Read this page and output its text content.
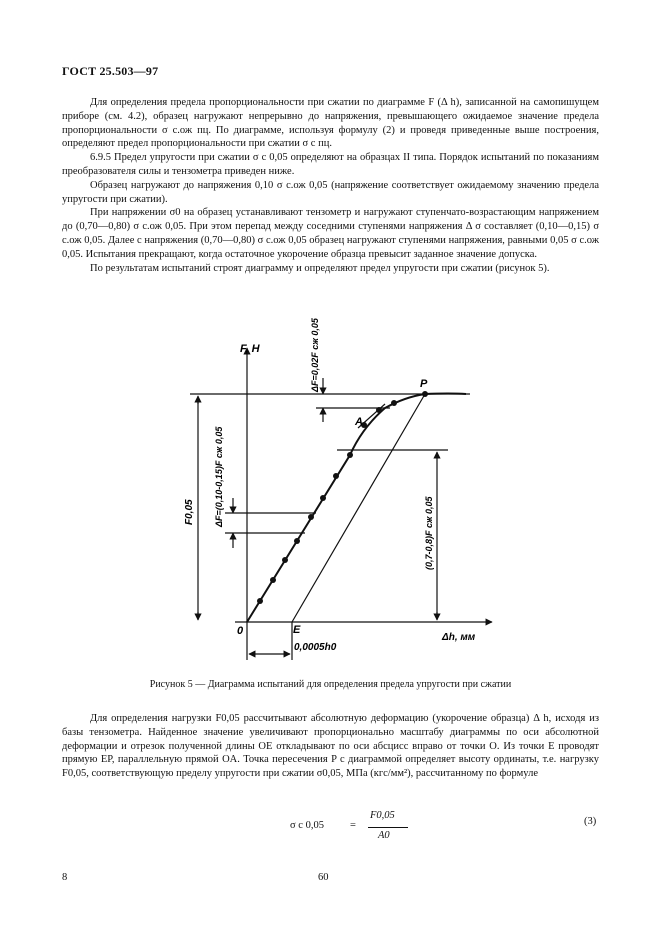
ГОСТ 25.503—97

Для определения предела пропорциональности при сжатии по диаграмме F (Δ h), записанной на самопишущем приборе (см. 4.2), образец нагружают непрерывно до напряжения, превышающего ожидаемое значение предела пропорциональности σ с.ож пц. По диаграмме, используя формулу (2) и проведя приведенные выше построения, определяют предел пропорциональности при сжатии σ с пц.

6.9.5 Предел упругости при сжатии σ с 0,05 определяют на образцах II типа. Порядок испытаний по показаниям преобразователя силы и тензометра приведен ниже.

Образец нагружают до напряжения 0,10 σ с.ож 0,05 (напряжение соответствует ожидаемому значению предела упругости при сжатии).

При напряжении σ0 на образец устанавливают тензометр и нагружают ступенчато-возрастающим напряжением до (0,70—0,80) σ с.ож 0,05. При этом перепад между соседними ступенями напряжения Δ σ составляет (0,10—0,15) σ с.ож 0,05. Далее с напряжения (0,70—0,80) σ с.ож 0,05 образец нагружают ступенями напряжения, равными 0,05 σ с.ож 0,05. Испытания прекращают, когда остаточное укорочение образца превысит заданное значение допуска.

По результатам испытаний строят диаграмму и определяют предел упругости при сжатии (рисунок 5).

F, Н
Δh, мм
0	E
0,0005h0
P
A
F0,05
ΔF=0,02F сж 0,05
ΔF=(0,10-0,15)F сж 0,05
(0,7-0,8)F сж 0,05
Рисунок 5 — Диаграмма испытаний для определения предела упругости при сжатии

Для определения нагрузки F0,05 рассчитывают абсолютную деформацию (укорочение образца) Δ h, исходя из базы тензометра. Найденное значение увеличивают пропорционально масштабу диаграммы по оси абсолютной деформации и отрезок полученной длины OE откладывают по оси абсцисс вправо от точки O. Из точки E проводят прямую EP, параллельную прямой OA. Точка пересечения P с диаграммой определяет высоту ординаты, т.е. нагрузку F0,05, соответствующую пределу упругости при сжатии σ0,05, МПа (кгс/мм²), рассчитанному по формуле

σ с 0,05 =
F0,05
A0
(3)
8	60
